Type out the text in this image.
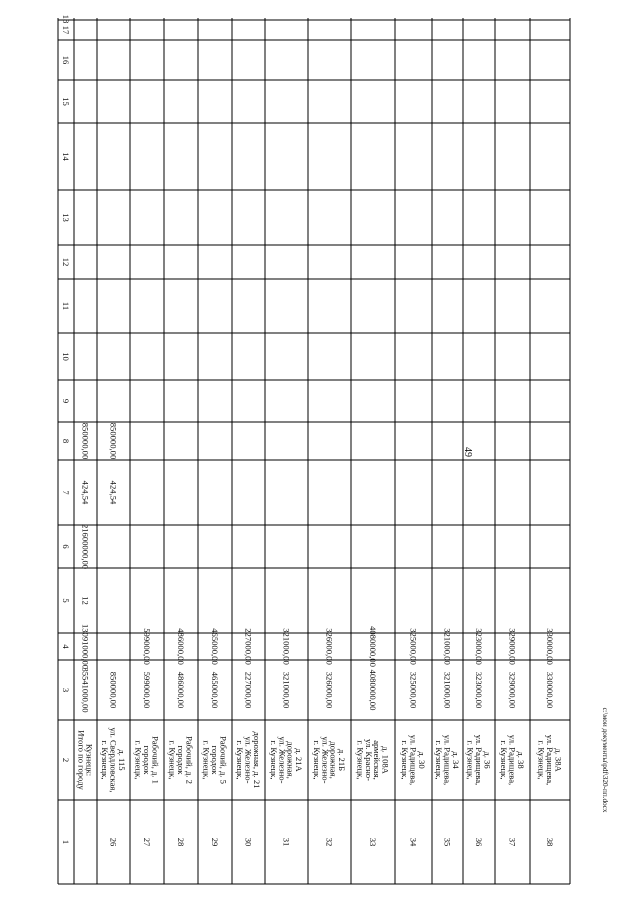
49
c:\мои документы\pdf\320-пп.docx
1
2
3
4
5
6
7
8
9
10
11
12
13
14
15
16
17
18
Итого по городу
Кузнецк:
35541000,00
13091000,00
12
21600000,00
424,54
850000,00
26
г. Кузнецк,
ул. Свердловская,
д. 115
850000,00
424,54
850000,00
27
г. Кузнецк,
городок
Рабочий, д. 1
599000,00
599000,00
28
г. Кузнецк,
городок
Рабочий, д. 2
486000,00
486000,00
29
г. Кузнецк,
городок
Рабочий, д. 5
465000,00
465000,00
30
г. Кузнецк,
ул. Железно-
дорожная, д. 21
227000,00
227000,00
31
г. Кузнецк,
ул. Железно-
дорожная,
д. 21А
321000,00
321000,00
32
г. Кузнецк,
ул. Железно-
дорожная,
д. 21Б
326000,00
326000,00
33
г. Кузнецк,
ул. Красно-
армейская,
д. 108А
4080000,00
4080000,00
34
г. Кузнецк,
ул. Радищева,
д. 30
325000,00
325000,00
35
г. Кузнецк,
ул. Радищева,
д. 34
321000,00
321000,00
36
г. Кузнецк,
ул. Радищева,
д. 36
323000,00
323000,00
37
г. Кузнецк,
ул. Радищева,
д. 38
329000,00
329000,00
38
г. Кузнецк,
ул. Радищева,
д. 38А
330000,00
330000,00
